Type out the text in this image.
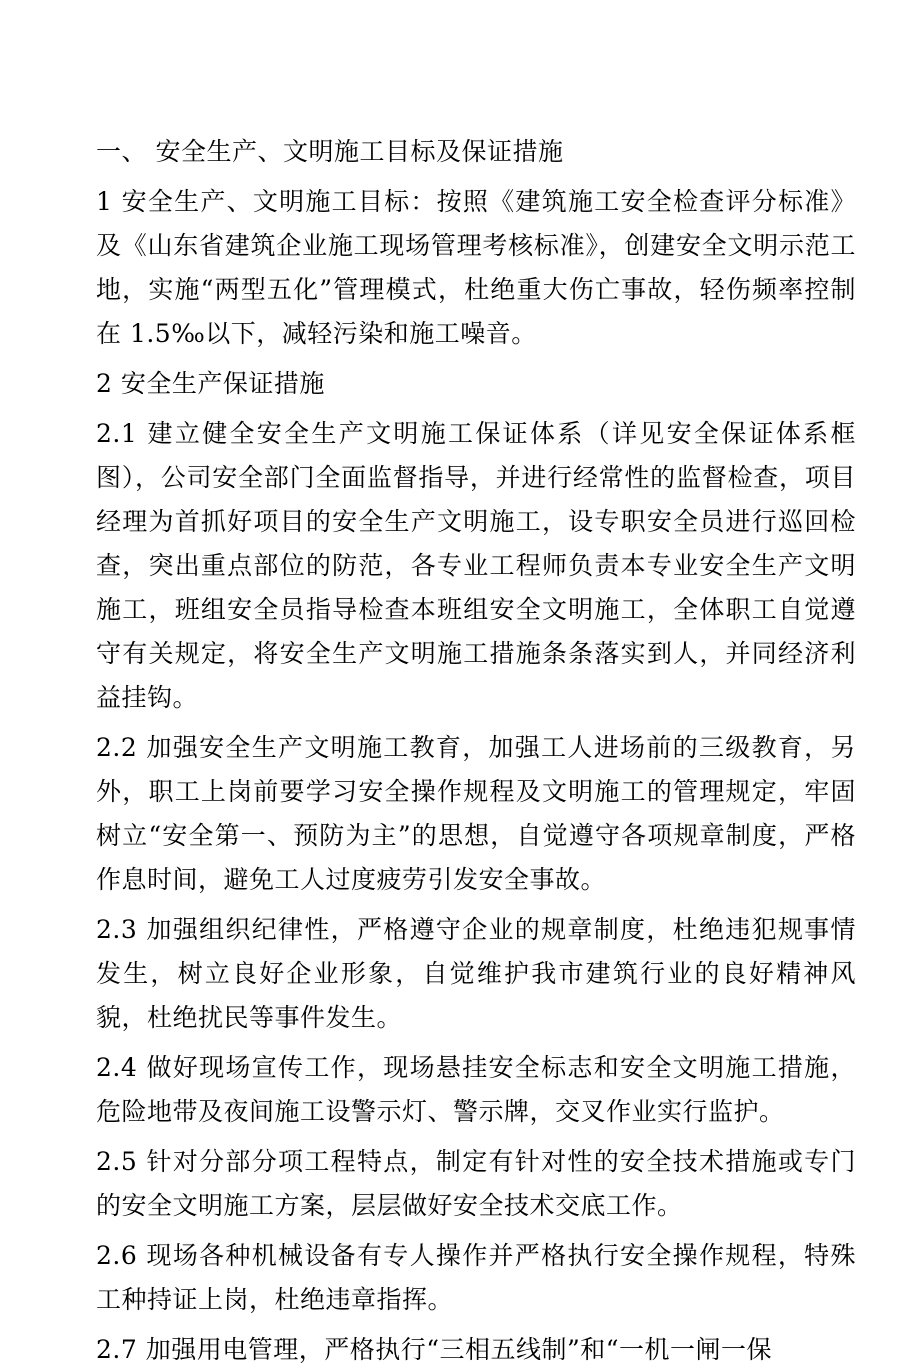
一、 安全生产、文明施工目标及保证措施

1 安全生产、文明施工目标：按照《建筑施工安全检查评分标准》及《山东省建筑企业施工现场管理考核标准》，创建安全文明示范工地，实施“两型五化”管理模式，杜绝重大伤亡事故，轻伤频率控制在 1.5‰以下，减轻污染和施工噪音。

2 安全生产保证措施

2.1 建立健全安全生产文明施工保证体系（详见安全保证体系框图），公司安全部门全面监督指导，并进行经常性的监督检查，项目经理为首抓好项目的安全生产文明施工，设专职安全员进行巡回检查，突出重点部位的防范，各专业工程师负责本专业安全生产文明施工，班组安全员指导检查本班组安全文明施工，全体职工自觉遵守有关规定，将安全生产文明施工措施条条落实到人，并同经济利益挂钩。

2.2 加强安全生产文明施工教育，加强工人进场前的三级教育，另外，职工上岗前要学习安全操作规程及文明施工的管理规定，牢固树立“安全第一、预防为主”的思想，自觉遵守各项规章制度，严格作息时间，避免工人过度疲劳引发安全事故。

2.3 加强组织纪律性，严格遵守企业的规章制度，杜绝违犯规事情发生，树立良好企业形象，自觉维护我市建筑行业的良好精神风貌，杜绝扰民等事件发生。

2.4 做好现场宣传工作，现场悬挂安全标志和安全文明施工措施，危险地带及夜间施工设警示灯、警示牌，交叉作业实行监护。

2.5 针对分部分项工程特点，制定有针对性的安全技术措施或专门的安全文明施工方案，层层做好安全技术交底工作。

2.6 现场各种机械设备有专人操作并严格执行安全操作规程，特殊工种持证上岗，杜绝违章指挥。

2.7 加强用电管理，严格执行“三相五线制”和“一机一闸一保
